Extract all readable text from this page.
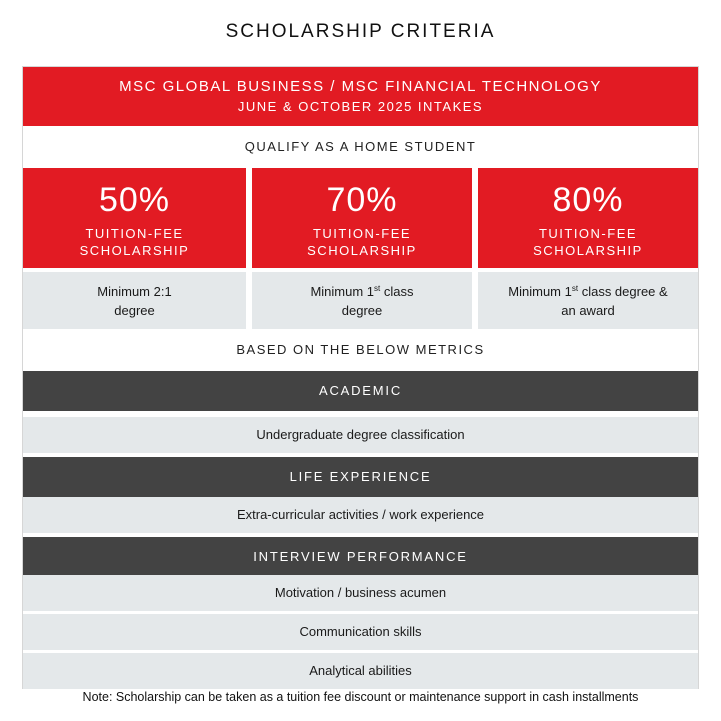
SCHOLARSHIP CRITERIA
MSC GLOBAL BUSINESS / MSC FINANCIAL TECHNOLOGY
JUNE & OCTOBER 2025 INTAKES
QUALIFY AS A HOME STUDENT
50%
TUITION-FEE
SCHOLARSHIP
Minimum 2:1
degree
70%
TUITION-FEE
SCHOLARSHIP
Minimum 1st class
degree
80%
TUITION-FEE
SCHOLARSHIP
Minimum 1st class degree &
an award
BASED ON THE BELOW METRICS
ACADEMIC
Undergraduate degree classification
LIFE EXPERIENCE
Extra-curricular activities / work experience
INTERVIEW PERFORMANCE
Motivation / business acumen
Communication skills
Analytical abilities
Note: Scholarship can be taken as a tuition fee discount or maintenance support in cash installments
